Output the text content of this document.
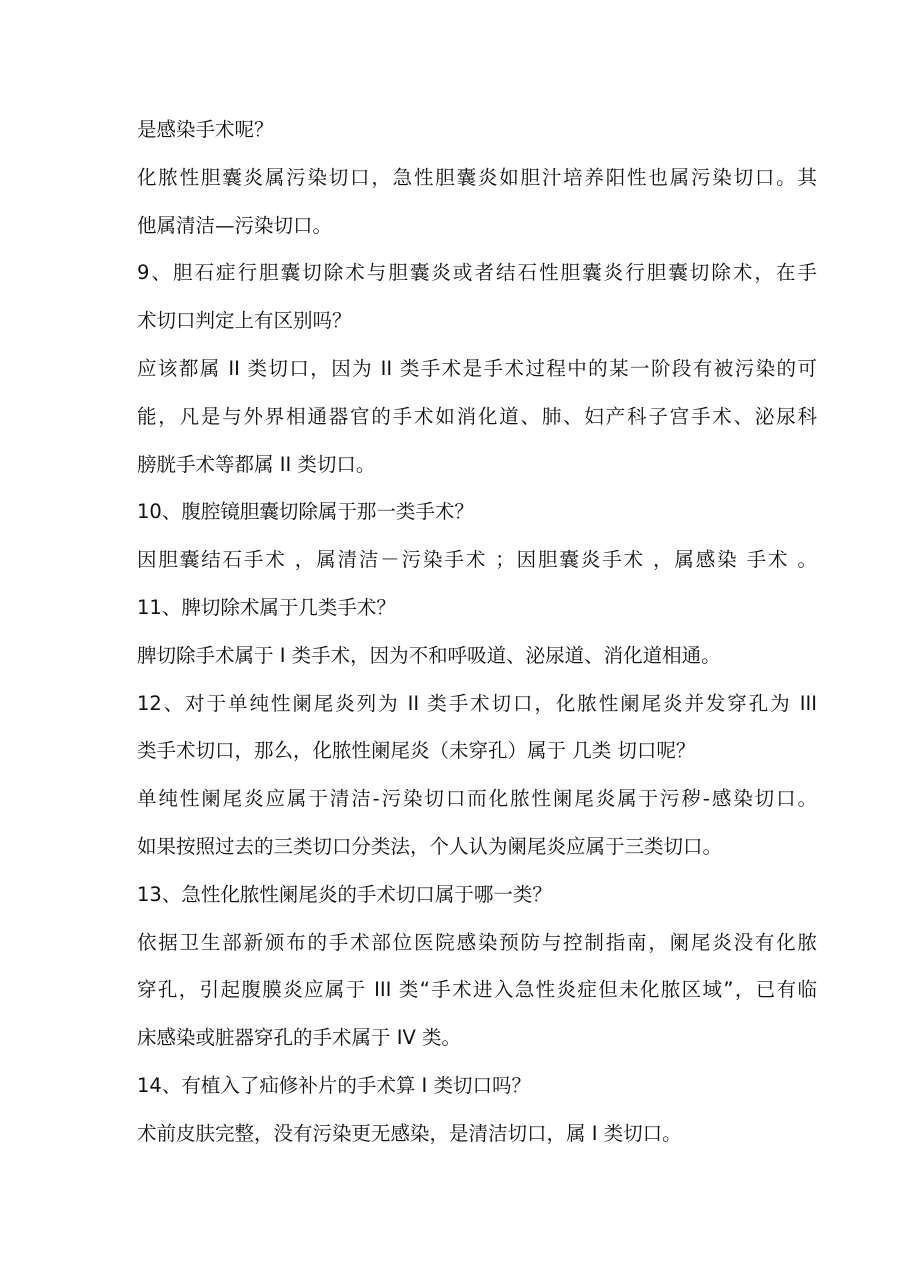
是感染手术呢？
化脓性胆囊炎属污染切口，急性胆囊炎如胆汁培养阳性也属污染切口。其
他属清洁—污染切口。
9、胆石症行胆囊切除术与胆囊炎或者结石性胆囊炎行胆囊切除术，在手
术切口判定上有区别吗？
应该都属 II 类切口，因为 II 类手术是手术过程中的某一阶段有被污染的可
能，凡是与外界相通器官的手术如消化道、肺、妇产科子宫手术、泌尿科
膀胱手术等都属 II 类切口。
10、腹腔镜胆囊切除属于那一类手术？
因胆囊结石手术 ，属清洁－污染手术 ；因胆囊炎手术 ，属感染 手术 。
11、脾切除术属于几类手术？
脾切除手术属于 I 类手术，因为不和呼吸道、泌尿道、消化道相通。
12、对于单纯性阑尾炎列为 II 类手术切口，化脓性阑尾炎并发穿孔为 III
类手术切口，那么，化脓性阑尾炎（未穿孔）属于 几类 切口呢？
单纯性阑尾炎应属于清洁-污染切口而化脓性阑尾炎属于污秽-感染切口。
如果按照过去的三类切口分类法，个人认为阑尾炎应属于三类切口。
13、急性化脓性阑尾炎的手术切口属于哪一类？
依据卫生部新颁布的手术部位医院感染预防与控制指南，阑尾炎没有化脓
穿孔，引起腹膜炎应属于 III 类“手术进入急性炎症但未化脓区域”，已有临
床感染或脏器穿孔的手术属于 IV 类。
14、有植入了疝修补片的手术算 I 类切口吗？
术前皮肤完整，没有污染更无感染，是清洁切口，属 I 类切口。
